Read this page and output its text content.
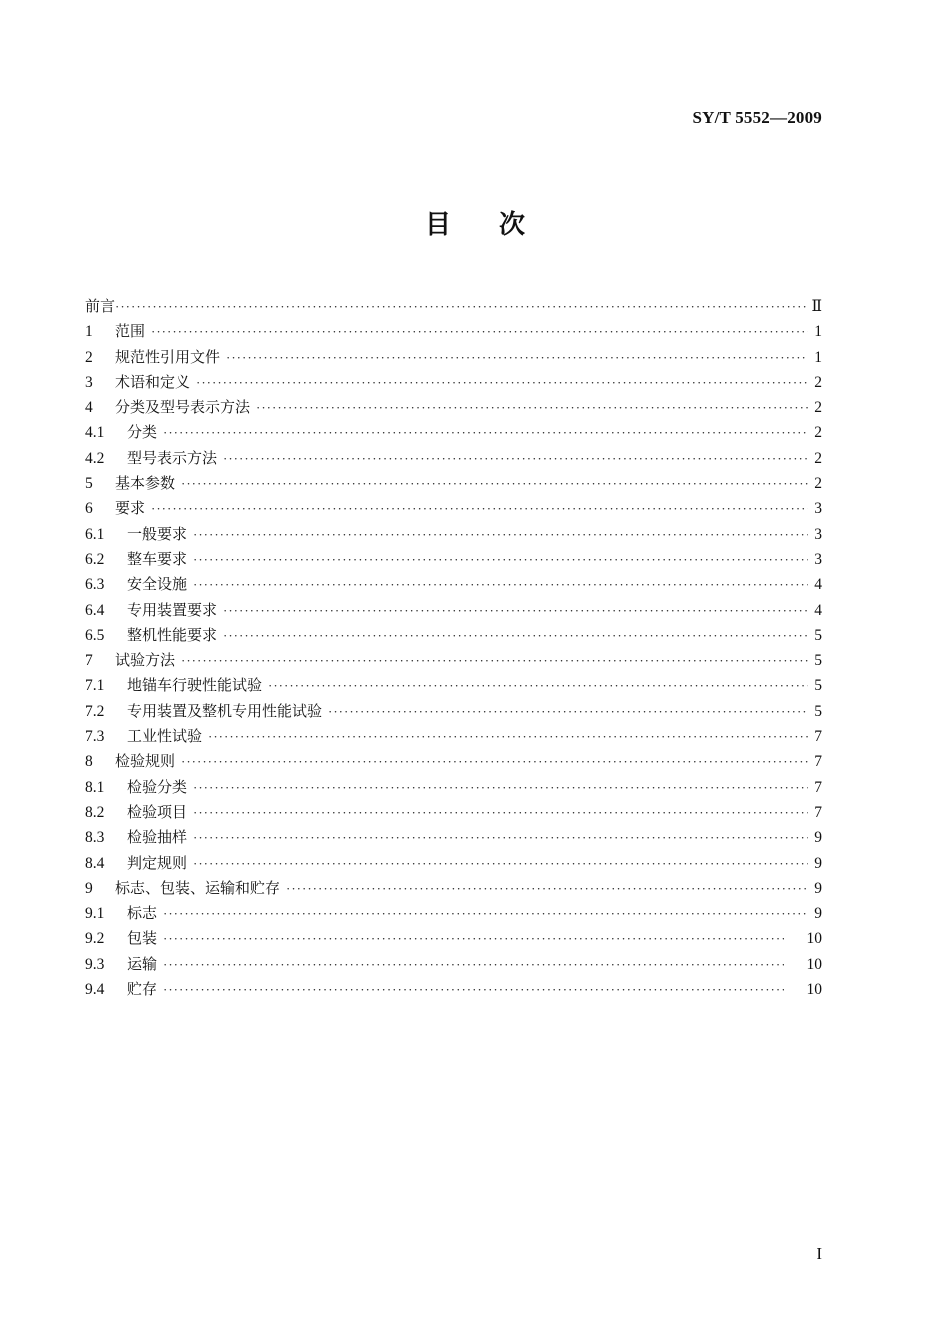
SY/T 5552—2009
目次
前言 ·····	Ⅱ
1	范围 ·····	1
2	规范性引用文件 ·····	1
3	术语和定义 ·····	2
4	分类及型号表示方法 ·····	2
4.1	分类 ·····	2
4.2	型号表示方法 ·····	2
5	基本参数 ·····	2
6	要求 ·····	3
6.1	一般要求 ·····	3
6.2	整车要求 ·····	3
6.3	安全设施 ·····	4
6.4	专用装置要求 ·····	4
6.5	整机性能要求 ·····	5
7	试验方法 ·····	5
7.1	地锚车行驶性能试验 ·····	5
7.2	专用装置及整机专用性能试验 ·····	5
7.3	工业性试验 ·····	7
8	检验规则 ·····	7
8.1	检验分类 ·····	7
8.2	检验项目 ·····	7
8.3	检验抽样 ·····	9
8.4	判定规则 ·····	9
9	标志、包装、运输和贮存 ·····	9
9.1	标志 ·····	9
9.2	包装 ·····	10
9.3	运输 ·····	10
9.4	贮存 ·····	10
I
